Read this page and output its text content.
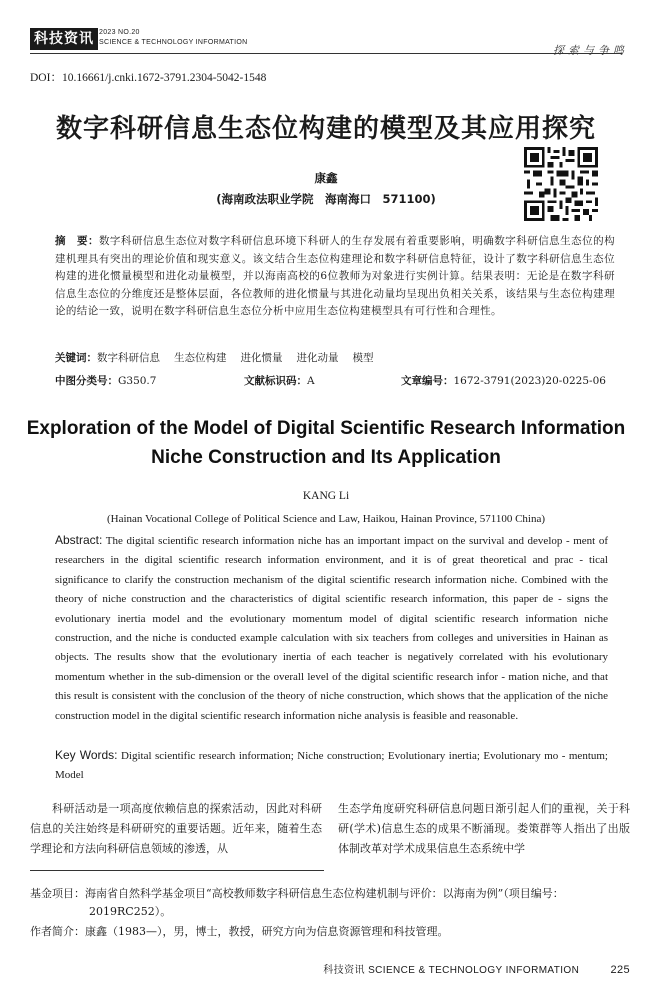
科技资讯 2023 NO.20
SCIENCE & TECHNOLOGY INFORMATION
探索与争鸣
DOI：10.16661/j.cnki.1672-3791.2304-5042-1548
数字科研信息生态位构建的模型及其应用探究
康鑫
(海南政法职业学院　海南海口　571100)

摘　要：数字科研信息生态位对数字科研信息环境下科研人的生存发展有着重要影响，明确数字科研信息生态位的构建机理具有突出的理论价值和现实意义。该文结合生态位构建理论和数字科研信息特征，设计了数字科研信息生态位构建的进化惯量模型和进化动量模型，并以海南高校的6位教师为对象进行实例计算。结果表明：无论是在数字科研信息生态位的分维度还是整体层面，各位教师的进化惯量与其进化动量均呈现出负相关关系，该结果与生态位构建理论的结论一致，说明在数字科研信息生态位分析中应用生态位构建模型具有可行性和合理性。

关键词：数字科研信息 生态位构建 进化惯量 进化动量 模型
中图分类号：G350.7	文献标识码：A	文章编号：1672-3791(2023)20-0225-06
Exploration of the Model of Digital Scientific Research Information
Niche Construction and Its Application
KANG Li
(Hainan Vocational College of Political Science and Law, Haikou, Hainan Province, 571100 China)

Abstract: The digital scientific research information niche has an important impact on the survival and develop - ment of researchers in the digital scientific research information environment, and it is of great theoretical and prac - tical significance to clarify the construction mechanism of the digital scientific research information niche. Combined with the theory of niche construction and the characteristics of digital scientific research information, this paper de - signs the evolutionary inertia model and the evolutionary momentum model of digital scientific research information niche construction, and the niche is conducted example calculation with six teachers from colleges and universities in Hainan as objects. The results show that the evolutionary inertia of each teacher is negatively correlated with his evolutionary momentum whether in the sub-dimension or the overall level of the digital scientific research infor - mation niche, and that this result is consistent with the conclusion of the theory of niche construction, which shows that the application of the niche construction model in the digital scientific research information niche analysis is feasible and reasonable.

Key Words: Digital scientific research information; Niche construction; Evolutionary inertia; Evolutionary mo - mentum; Model

科研活动是一项高度依赖信息的探索活动，因此对科研信息的关注始终是科研研究的重要话题。近年来，随着生态学理论和方法向科研信息领域的渗透，从

生态学角度研究科研信息问题日渐引起人们的重视，关于科研(学术)信息生态的成果不断涌现。娄策群等人指出了出版体制改革对学术成果信息生态系统中学

基金项目：海南省自然科学基金项目“高校教师数字科研信息生态位构建机制与评价：以海南为例”（项目编号：
2019RC252）。
作者简介：康鑫（1983—），男，博士，教授，研究方向为信息资源管理和科技管理。
科技资讯 SCIENCE & TECHNOLOGY INFORMATION	225
